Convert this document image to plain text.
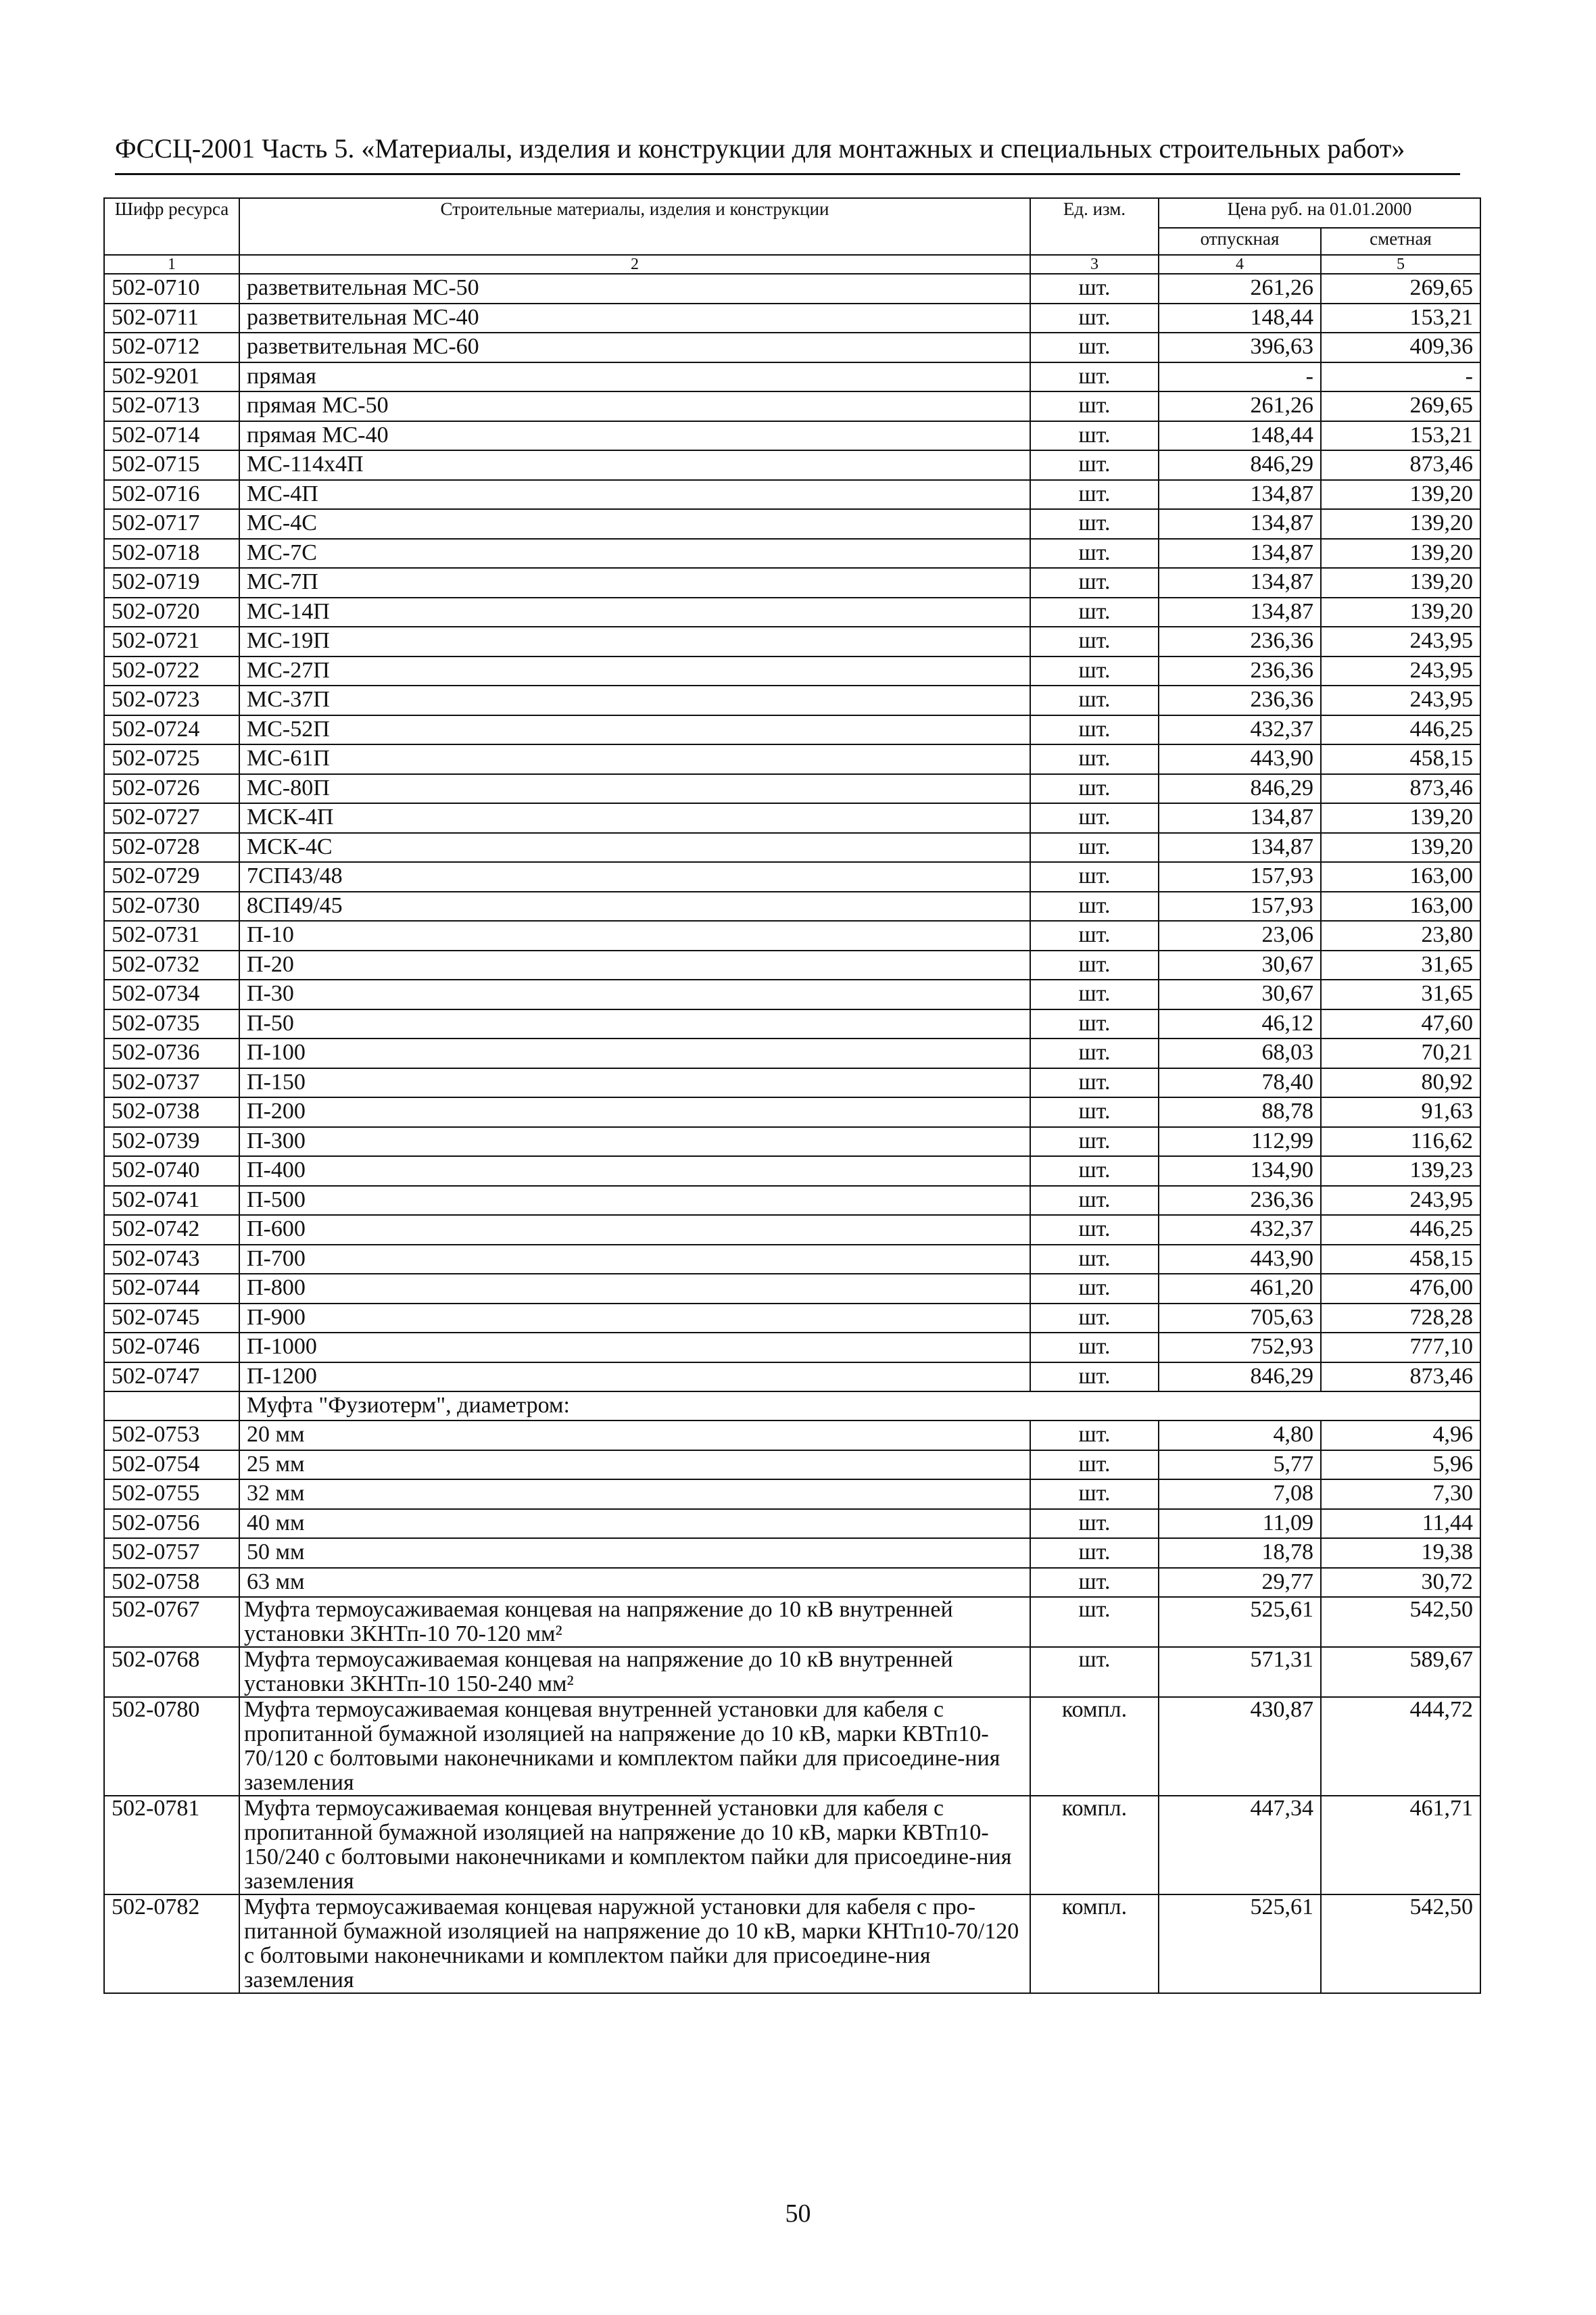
ФССЦ-2001 Часть 5. «Материалы, изделия и конструкции для монтажных и специальных строительных работ»
Шифр ресурса	Строительные материалы, изделия и конструкции	Ед. изм.	Цена руб. на 01.01.2000	
			отпускная	сметная
1	2	3	4	5
502-0710	разветвительная МС-50	шт.	261,26	269,65
502-0711	разветвительная МС-40	шт.	148,44	153,21
502-0712	разветвительная МС-60	шт.	396,63	409,36
502-9201	прямая	шт.	-	-
502-0713	прямая МС-50	шт.	261,26	269,65
502-0714	прямая МС-40	шт.	148,44	153,21
502-0715	МС-114х4П	шт.	846,29	873,46
502-0716	МС-4П	шт.	134,87	139,20
502-0717	МС-4С	шт.	134,87	139,20
502-0718	МС-7С	шт.	134,87	139,20
502-0719	МС-7П	шт.	134,87	139,20
502-0720	МС-14П	шт.	134,87	139,20
502-0721	МС-19П	шт.	236,36	243,95
502-0722	МС-27П	шт.	236,36	243,95
502-0723	МС-37П	шт.	236,36	243,95
502-0724	МС-52П	шт.	432,37	446,25
502-0725	МС-61П	шт.	443,90	458,15
502-0726	МС-80П	шт.	846,29	873,46
502-0727	МСК-4П	шт.	134,87	139,20
502-0728	МСК-4С	шт.	134,87	139,20
502-0729	7СП43/48	шт.	157,93	163,00
502-0730	8СП49/45	шт.	157,93	163,00
502-0731	П-10	шт.	23,06	23,80
502-0732	П-20	шт.	30,67	31,65
502-0734	П-30	шт.	30,67	31,65
502-0735	П-50	шт.	46,12	47,60
502-0736	П-100	шт.	68,03	70,21
502-0737	П-150	шт.	78,40	80,92
502-0738	П-200	шт.	88,78	91,63
502-0739	П-300	шт.	112,99	116,62
502-0740	П-400	шт.	134,90	139,23
502-0741	П-500	шт.	236,36	243,95
502-0742	П-600	шт.	432,37	446,25
502-0743	П-700	шт.	443,90	458,15
502-0744	П-800	шт.	461,20	476,00
502-0745	П-900	шт.	705,63	728,28
502-0746	П-1000	шт.	752,93	777,10
502-0747	П-1200	шт.	846,29	873,46
	Муфта "Фузиотерм", диаметром:			
502-0753	20 мм	шт.	4,80	4,96
502-0754	25 мм	шт.	5,77	5,96
502-0755	32 мм	шт.	7,08	7,30
502-0756	40 мм	шт.	11,09	11,44
502-0757	50 мм	шт.	18,78	19,38
502-0758	63 мм	шт.	29,77	30,72
502-0767	Муфта термоусаживаемая концевая на напряжение до 10 кВ внутренней установки 3КНТп-10 70-120 мм²	шт.	525,61	542,50
502-0768	Муфта термоусаживаемая концевая на напряжение до 10 кВ внутренней установки 3КНТп-10 150-240 мм²	шт.	571,31	589,67
502-0780	Муфта термоусаживаемая концевая внутренней установки для кабеля с пропитанной бумажной изоляцией на напряжение до 10 кВ, марки КВТп10-70/120 с болтовыми наконечниками и комплектом пайки для присоедине-ния заземления	компл.	430,87	444,72
502-0781	Муфта термоусаживаемая концевая внутренней установки для кабеля с пропитанной бумажной изоляцией на напряжение до 10 кВ, марки КВТп10-150/240 с болтовыми наконечниками и комплектом пайки для присоедине-ния заземления	компл.	447,34	461,71
502-0782	Муфта термоусаживаемая концевая наружной установки для кабеля с про-питанной бумажной изоляцией на напряжение до 10 кВ, марки КНТп10-70/120 с болтовыми наконечниками и комплектом пайки для присоедине-ния заземления	компл.	525,61	542,50
50
